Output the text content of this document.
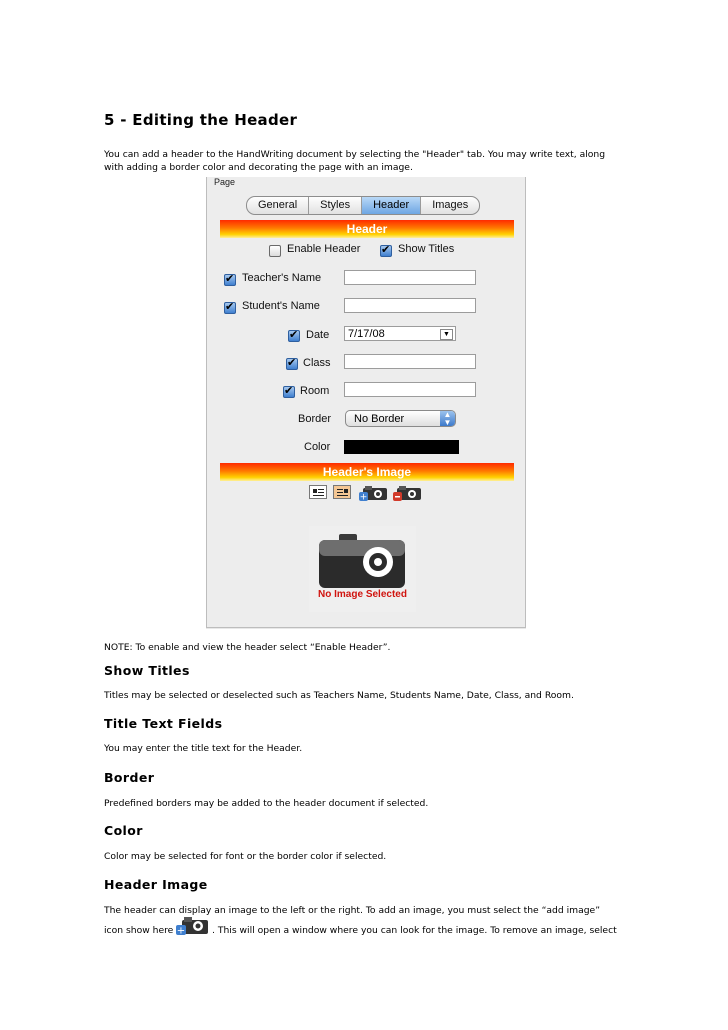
5 - Editing the Header

You can add a header to the HandWriting document by selecting the "Header" tab. You may write text, along with adding a border color and decorating the page with an image.

Page
General	Styles	Header	Images
Header
Enable Header
✔	Show Titles
✔
Teacher's Name
✔
Student's Name
✔
Date	7/17/08	▼
✔
Class
✔
Room
Border	No Border	▲
▼
Color
Header's Image
+
No Image Selected

NOTE: To enable and view the header select “Enable Header”.

Show Titles

Titles may be selected or deselected such as Teachers Name, Students Name, Date, Class, and Room.

Title Text Fields

You may enter the title text for the Header.

Border

Predefined borders may be added to the header document if selected.

Color

Color may be selected for font or the border color if selected.

Header Image

The header can display an image to the left or the right. To add an image, you must select the “add image”

icon show here +	. This will open a window where you can look for the image. To remove an image, select
